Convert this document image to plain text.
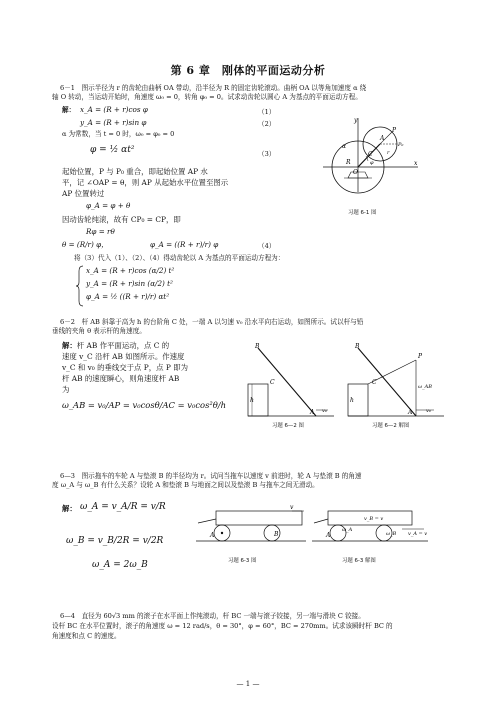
第 6 章　刚体的平面运动分析
6－1　图示半径为 r 的齿轮由曲柄 OA 带动，沿半径为 R 的固定齿轮滚动。曲柄 OA 以等角加速度 α 绕
轴 O 转动，当运动开始时，角速度 ω₀ = 0，转角 φ₀ = 0。试求动齿轮以圆心 A 为基点的平面运动方程。
解： x_A = (R + r)cos φ	（1）
y_A = (R + r)sin φ	（2）
α 为常数，当 t = 0 时，ω₀ = φ₀ = 0
φ = ½ αt²	（3）
起始位置，P 与 P₀ 重合，即起始位置 AP 水
平，记 ∠OAP = θ，则 AP 从起始水平位置至图示
AP 位置转过
φ_A = φ + θ
因动齿轮纯滚，故有 CP₀ = CP，即
Rφ = rθ
θ = (R/r) φ，	φ_A = ((R + r)/r) φ	（4）
将（3）代入（1）、（2）、（4）得动齿轮以 A 为基点的平面运动方程为：
x_A = (R + r)cos (α/2) t²
y_A = (R + r)sin (α/2) t²
φ_A = ½ ((R + r)/r) αt²
y
x
A
P
P₀
C
R
O
α
φ
r
习题 6-1 图
6－2　杆 AB 斜靠于高为 h 的台阶角 C 处，一端 A 以匀速 v₀ 沿水平向右运动，如图所示。试以杆与铅
垂线的夹角 θ 表示杆的角速度。
解：杆 AB 作平面运动，点 C 的
速度 v_C 沿杆 AB 如图所示。作速度
v_C 和 v₀ 的垂线交于点 P，点 P 即为
杆 AB 的速度瞬心，则角速度杆 AB
为
ω_AB = v₀/AP = v₀cosθ/AC = v₀cos²θ/h
B
C
h
A v₀
习题 6—2 图
B
C
h
P
ω_AB
A	v₀
习题 6—2 解图
6—3　图示拖车的车轮 A 与垫滚 B 的半径均为 r。试问当拖车以速度 v 前进时，轮 A 与垫滚 B 的角速
度 ω_A 与 ω_B 有什么关系？设轮 A 和垫滚 B 与地面之间以及垫滚 B 与拖车之间无滑动。
解： ω_A = v_A/R = v/R
ω_B = v_B/2R = v/2R
ω_A = 2ω_B
A	B
v
习题 6-3 图
A
ω_A
v_B = v
ω_B v_A = v
习题 6-3 解图
6—4　直径为 60√3 mm 的滚子在水平面上作纯滚动，杆 BC 一端与滚子铰接，另一端与滑块 C 铰接。
设杆 BC 在水平位置时，滚子的角速度 ω = 12 rad/s，θ = 30°，φ = 60°，BC = 270mm。试求该瞬时杆 BC 的
角速度和点 C 的速度。
— 1 —
